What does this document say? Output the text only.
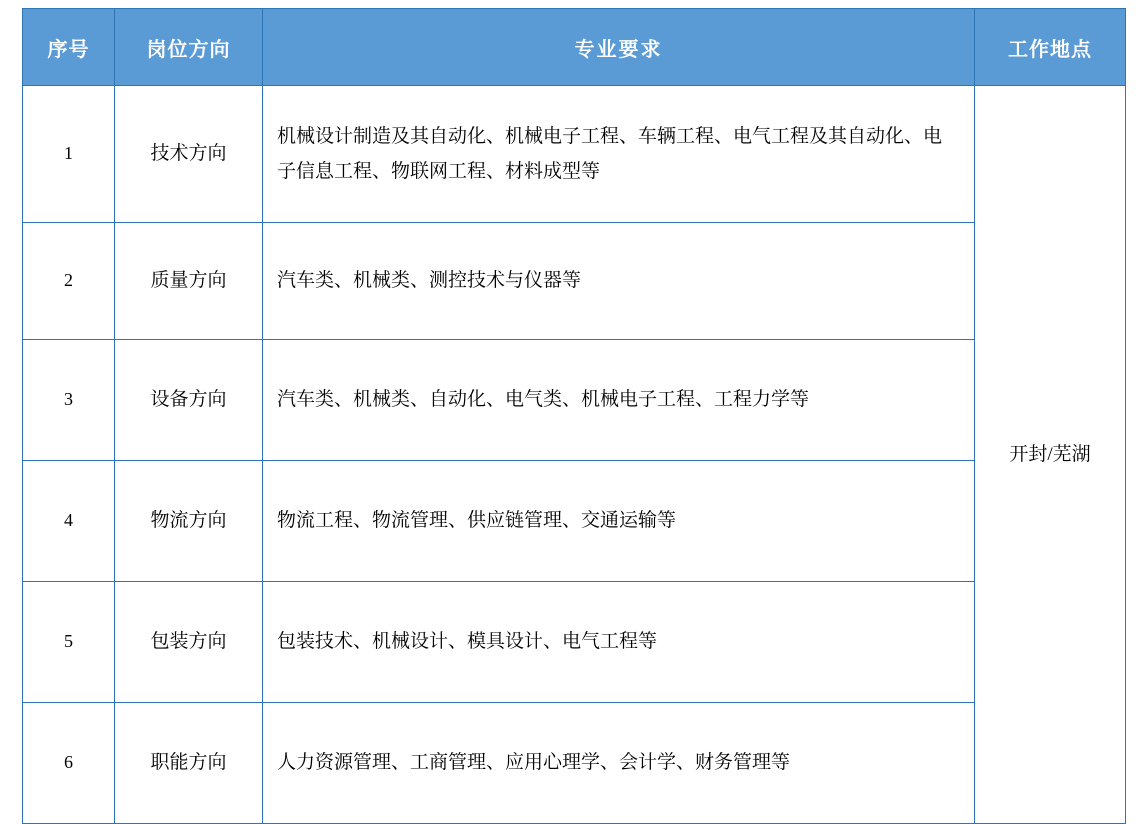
序号	岗位方向	专业要求	工作地点
1	技术方向	机械设计制造及其自动化、机械电子工程、车辆工程、电气工程及其自动化、电子信息工程、物联网工程、材料成型等	开封/芜湖
2	质量方向	汽车类、机械类、测控技术与仪器等	
3	设备方向	汽车类、机械类、自动化、电气类、机械电子工程、工程力学等	
4	物流方向	物流工程、物流管理、供应链管理、交通运输等	
5	包装方向	包装技术、机械设计、模具设计、电气工程等	
6	职能方向	人力资源管理、工商管理、应用心理学、会计学、财务管理等	
